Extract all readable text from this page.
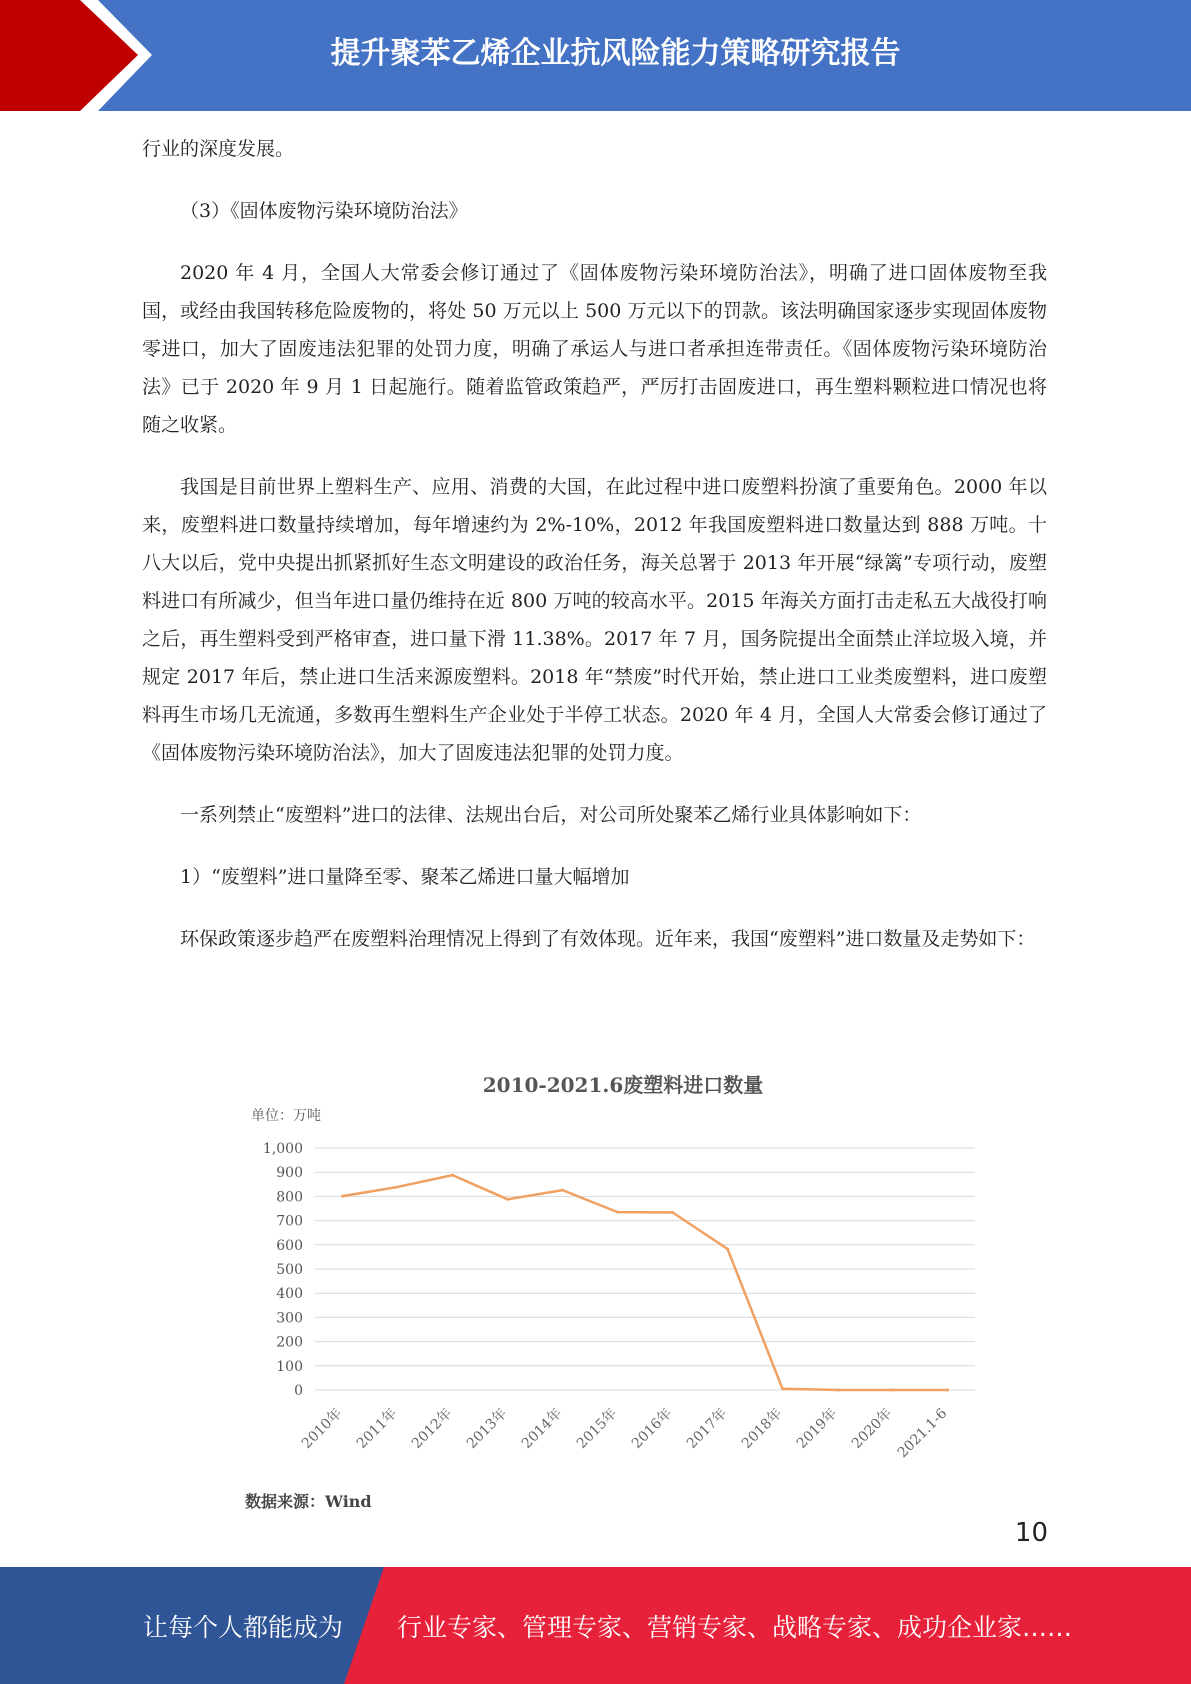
提升聚苯乙烯企业抗风险能力策略研究报告

行业的深度发展。

（3）《固体废物污染环境防治法》

2020 年 4 月，全国人大常委会修订通过了《固体废物污染环境防治法》，明确了进口固体废物至我国，或经由我国转移危险废物的，将处 50 万元以上 500 万元以下的罚款。该法明确国家逐步实现固体废物零进口，加大了固废违法犯罪的处罚力度，明确了承运人与进口者承担连带责任。《固体废物污染环境防治法》已于 2020 年 9 月 1 日起施行。随着监管政策趋严，严厉打击固废进口，再生塑料颗粒进口情况也将随之收紧。

我国是目前世界上塑料生产、应用、消费的大国，在此过程中进口废塑料扮演了重要角色。2000 年以来，废塑料进口数量持续增加，每年增速约为 2%-10%，2012 年我国废塑料进口数量达到 888 万吨。十八大以后，党中央提出抓紧抓好生态文明建设的政治任务，海关总署于 2013 年开展“绿篱”专项行动，废塑料进口有所减少，但当年进口量仍维持在近 800 万吨的较高水平。2015 年海关方面打击走私五大战役打响之后，再生塑料受到严格审查，进口量下滑 11.38%。2017 年 7 月，国务院提出全面禁止洋垃圾入境，并规定 2017 年后，禁止进口生活来源废塑料。2018 年“禁废”时代开始，禁止进口工业类废塑料，进口废塑料再生市场几无流通，多数再生塑料生产企业处于半停工状态。2020 年 4 月，全国人大常委会修订通过了《固体废物污染环境防治法》，加大了固废违法犯罪的处罚力度。

一系列禁止“废塑料”进口的法律、法规出台后，对公司所处聚苯乙烯行业具体影响如下：

1）“废塑料”进口量降至零、聚苯乙烯进口量大幅增加

环保政策逐步趋严在废塑料治理情况上得到了有效体现。近年来，我国“废塑料”进口数量及走势如下：

2010-2021.6废塑料进口数量
单位：万吨
0
100
200
300
400
500
600
700
800
900
1,000
2010年 2011年 2012年 2013年 2014年 2015年 2016年 2017年 2018年 2019年 2020年 2021.1-6
数据来源：Wind
10
让每个人都能成为 行业专家、管理专家、营销专家、战略专家、成功企业家……
